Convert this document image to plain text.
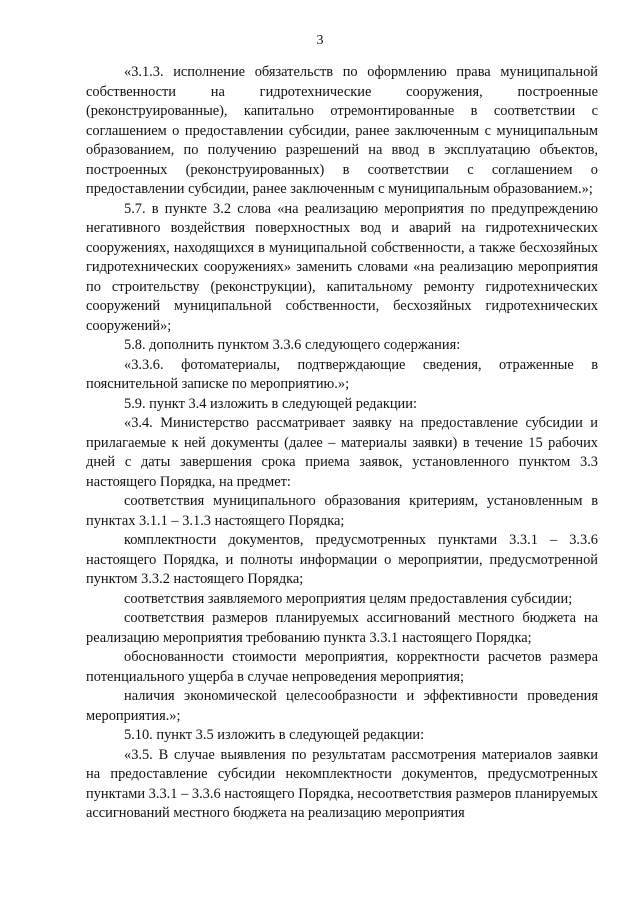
3

«3.1.3. исполнение обязательств по оформлению права муниципальной собственности на гидротехнические сооружения, построенные (реконструированные), капитально отремонтированные в соответствии с соглашением о предоставлении субсидии, ранее заключенным с муниципальным образованием, по получению разрешений на ввод в эксплуатацию объектов, построенных (реконструированных) в соответствии с соглашением о предоставлении субсидии, ранее заключенным с муниципальным образованием.»;

5.7. в пункте 3.2 слова «на реализацию мероприятия по предупреждению негативного воздействия поверхностных вод и аварий на гидротехнических сооружениях, находящихся в муниципальной собственности, а также бесхозяйных гидротехнических сооружениях» заменить словами «на реализацию мероприятия по строительству (реконструкции), капитальному ремонту гидротехнических сооружений муниципальной собственности, бесхозяйных гидротехнических сооружений»;

5.8. дополнить пунктом 3.3.6 следующего содержания:

«3.3.6. фотоматериалы, подтверждающие сведения, отраженные в пояснительной записке по мероприятию.»;

5.9. пункт 3.4 изложить в следующей редакции:

«3.4. Министерство рассматривает заявку на предоставление субсидии и прилагаемые к ней документы (далее – материалы заявки) в течение 15 рабочих дней с даты завершения срока приема заявок, установленного пунктом 3.3 настоящего Порядка, на предмет:

соответствия муниципального образования критериям, установленным в пунктах 3.1.1 – 3.1.3 настоящего Порядка;

комплектности документов, предусмотренных пунктами 3.3.1 – 3.3.6 настоящего Порядка, и полноты информации о мероприятии, предусмотренной пунктом 3.3.2 настоящего Порядка;

соответствия заявляемого мероприятия целям предоставления субсидии;

соответствия размеров планируемых ассигнований местного бюджета на реализацию мероприятия требованию пункта 3.3.1 настоящего Порядка;

обоснованности стоимости мероприятия, корректности расчетов размера потенциального ущерба в случае непроведения мероприятия;

наличия экономической целесообразности и эффективности проведения мероприятия.»;

5.10. пункт 3.5 изложить в следующей редакции:

«3.5. В случае выявления по результатам рассмотрения материалов заявки на предоставление субсидии некомплектности документов, предусмотренных пунктами 3.3.1 – 3.3.6 настоящего Порядка, несоответствия размеров планируемых ассигнований местного бюджета на реализацию мероприятия
